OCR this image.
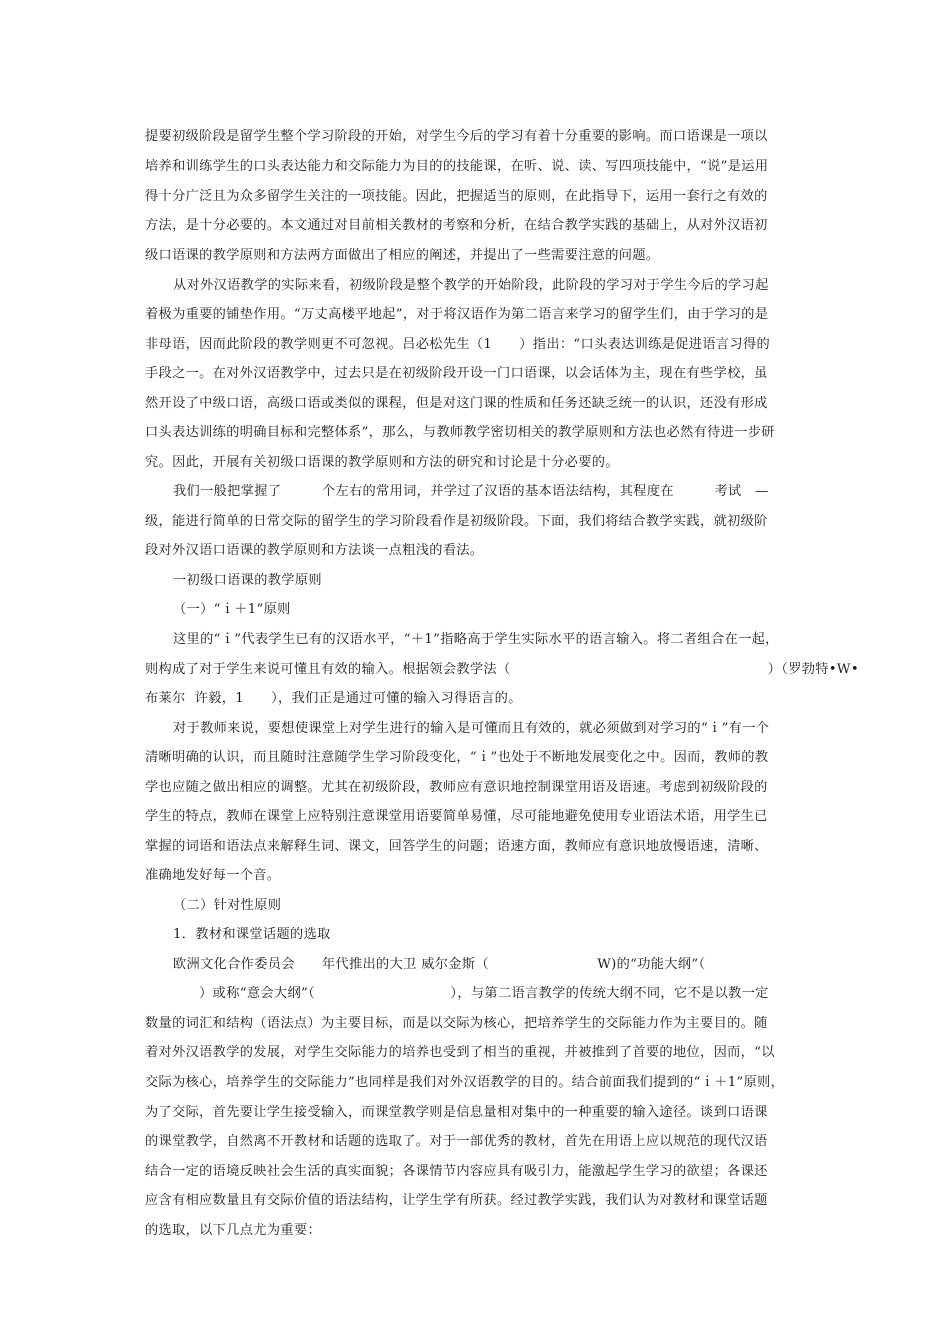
提要初级阶段是留学生整个学习阶段的开始，对学生今后的学习有着十分重要的影响。而口语课是一项以
培养和训练学生的口头表达能力和交际能力为目的的技能课，在听、说、读、写四项技能中，“说”是运用
得十分广泛且为众多留学生关注的一项技能。因此，把握适当的原则，在此指导下，运用一套行之有效的
方法，是十分必要的。本文通过对目前相关教材的考察和分析，在结合教学实践的基础上，从对外汉语初
级口语课的教学原则和方法两方面做出了相应的阐述，并提出了一些需要注意的问题。
从对外汉语教学的实际来看，初级阶段是整个教学的开始阶段，此阶段的学习对于学生今后的学习起
着极为重要的铺垫作用。“万丈高楼平地起”，对于将汉语作为第二语言来学习的留学生们，由于学习的是
非母语，因而此阶段的教学则更不可忽视。吕必松先生（1　　）指出：“口头表达训练是促进语言习得的
手段之一。在对外汉语教学中，过去只是在初级阶段开设一门口语课，以会话体为主，现在有些学校，虽
然开设了中级口语，高级口语或类似的课程，但是对这门课的性质和任务还缺乏统一的认识，还没有形成
口头表达训练的明确目标和完整体系”，那么，与教师教学密切相关的教学原则和方法也必然有待进一步研
究。因此，开展有关初级口语课的教学原则和方法的研究和讨论是十分必要的。
我们一般把掌握了　　　个左右的常用词，并学过了汉语的基本语法结构，其程度在　　　考试　—
级，能进行简单的日常交际的留学生的学习阶段看作是初级阶段。下面，我们将结合教学实践，就初级阶
段对外汉语口语课的教学原则和方法谈一点粗浅的看法。
一初级口语课的教学原则
（一）“ｉ＋1”原则
这里的“ｉ”代表学生已有的汉语水平，“＋1”指略高于学生实际水平的语言输入。将二者组合在一起，
则构成了对于学生来说可懂且有效的输入。根据领会教学法（　　　　　　　　　　　　　　　　　　　）（罗勃特•W•
布莱尔  许毅，1　　），我们正是通过可懂的输入习得语言的。
对于教师来说，要想使课堂上对学生进行的输入是可懂而且有效的，就必须做到对学习的“ｉ”有一个
清晰明确的认识，而且随时注意随学生学习阶段变化，“ｉ”也处于不断地发展变化之中。因而，教师的教
学也应随之做出相应的调整。尤其在初级阶段，教师应有意识地控制课堂用语及语速。考虑到初级阶段的
学生的特点，教师在课堂上应特别注意课堂用语要简单易懂，尽可能地避免使用专业语法术语，用学生已
掌握的词语和语法点来解释生词、课文，回答学生的问题；语速方面，教师应有意识地放慢语速，清晰、
准确地发好每一个音。
（二）针对性原则
1．教材和课堂话题的选取
欧洲文化合作委员会　　年代推出的大卫 威尔金斯（　　　　　　　　W)的“功能大纲”（
　　　　）或称“意会大纲”（　　　　　　　　　　），与第二语言教学的传统大纲不同，它不是以教一定
数量的词汇和结构（语法点）为主要目标，而是以交际为核心，把培养学生的交际能力作为主要目的。随
着对外汉语教学的发展，对学生交际能力的培养也受到了相当的重视，并被推到了首要的地位，因而，“以
交际为核心，培养学生的交际能力”也同样是我们对外汉语教学的目的。结合前面我们提到的“ｉ＋1”原则，
为了交际，首先要让学生接受输入，而课堂教学则是信息量相对集中的一种重要的输入途径。谈到口语课
的课堂教学，自然离不开教材和话题的选取了。对于一部优秀的教材，首先在用语上应以规范的现代汉语
结合一定的语境反映社会生活的真实面貌；各课情节内容应具有吸引力，能激起学生学习的欲望；各课还
应含有相应数量且有交际价值的语法结构，让学生学有所获。经过教学实践，我们认为对教材和课堂话题
的选取，以下几点尤为重要：
